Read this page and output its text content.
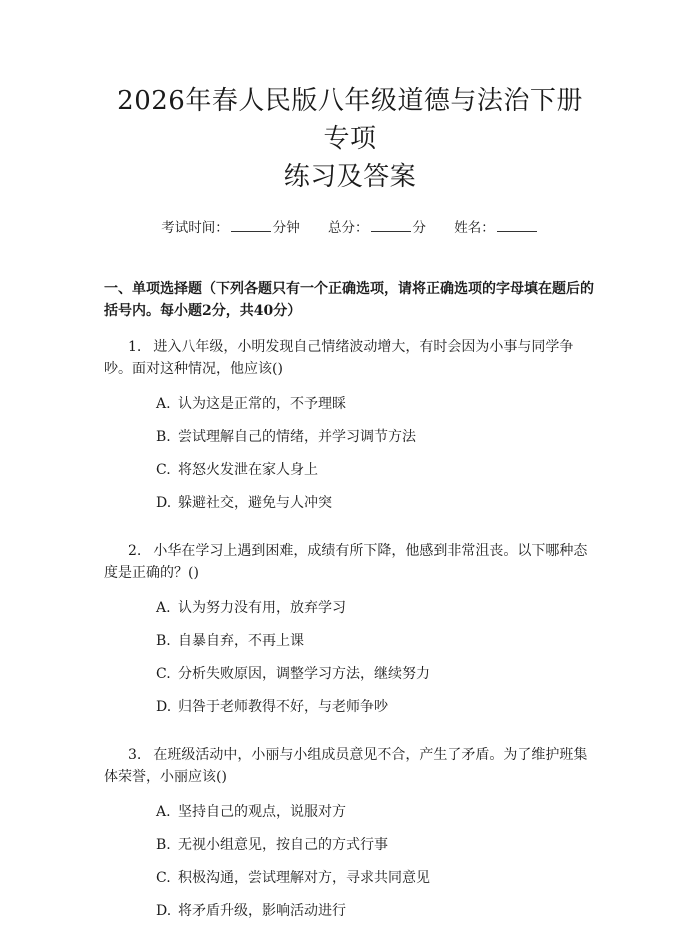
2026年春人民版八年级道德与法治下册专项
练习及答案
考试时间：	分钟 总分：	分 姓名：
一、单项选择题（下列各题只有一个正确选项，请将正确选项的字母填在题后的括号内。每小题2分，共40分）
1. 进入八年级，小明发现自己情绪波动增大，有时会因为小事与同学争吵。面对这种情况，他应该()
A. 认为这是正常的，不予理睬
B. 尝试理解自己的情绪，并学习调节方法
C. 将怒火发泄在家人身上
D. 躲避社交，避免与人冲突
2. 小华在学习上遇到困难，成绩有所下降，他感到非常沮丧。以下哪种态度是正确的？()
A. 认为努力没有用，放弃学习
B. 自暴自弃，不再上课
C. 分析失败原因，调整学习方法，继续努力
D. 归咎于老师教得不好，与老师争吵
3. 在班级活动中，小丽与小组成员意见不合，产生了矛盾。为了维护班集体荣誉，小丽应该()
A. 坚持自己的观点，说服对方
B. 无视小组意见，按自己的方式行事
C. 积极沟通，尝试理解对方，寻求共同意见
D. 将矛盾升级，影响活动进行
